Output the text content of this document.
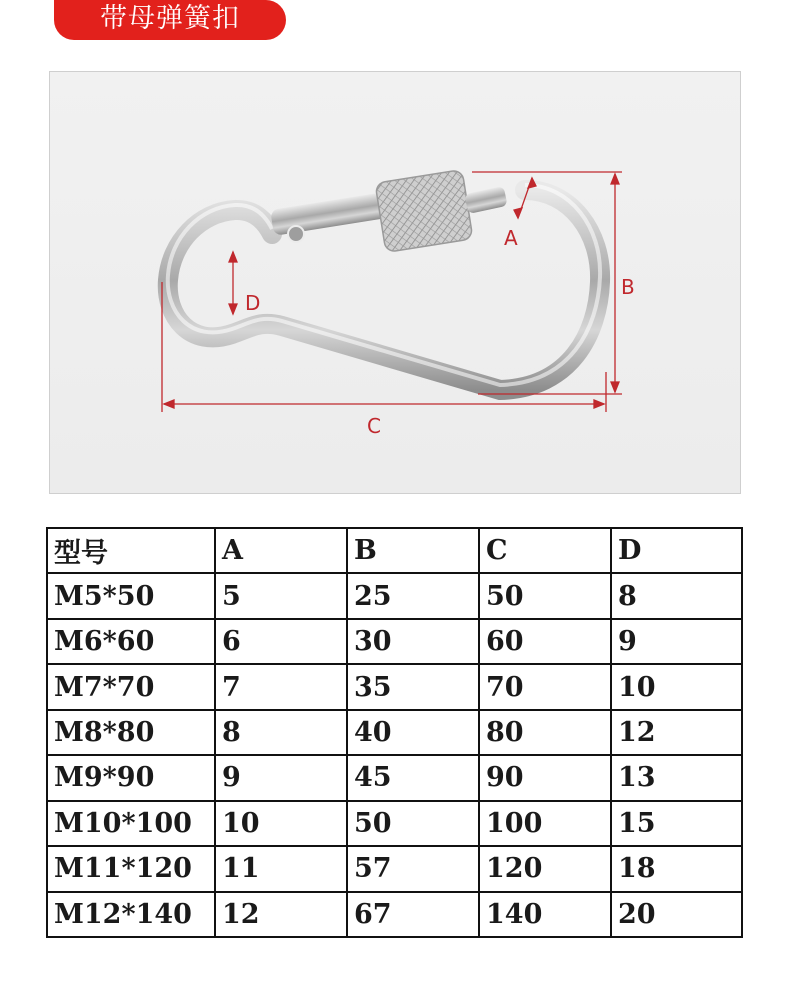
带母弹簧扣
A
B
C
D
型号	A	B	C	D
M5*50	5	25	50	8
M6*60	6	30	60	9
M7*70	7	35	70	10
M8*80	8	40	80	12
M9*90	9	45	90	13
M10*100	10	50	100	15
M11*120	11	57	120	18
M12*140	12	67	140	20
